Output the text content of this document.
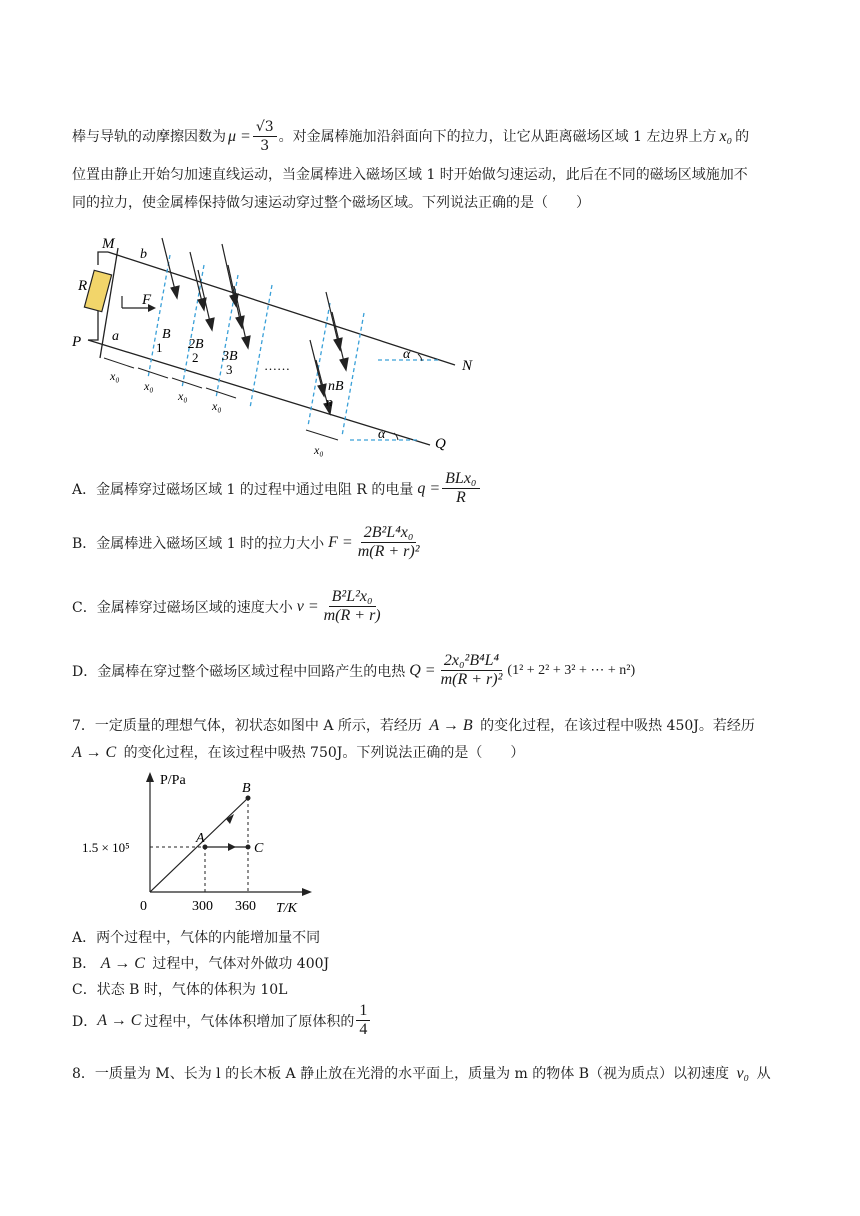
棒与导轨的动摩擦因数为 $\mu = \frac{√3}{3}$ 。对金属棒施加沿斜面向下的拉力，让它从距离磁场区域 1 左边界上方 x₀ 的
位置由静止开始匀加速直线运动，当金属棒进入磁场区域 1 时开始做匀速运动，此后在不同的磁场区域施加不
同的拉力，使金属棒保持做匀速运动穿过整个磁场区域。下列说法正确的是（　　）
M
b
R
F
P a
N
Q
α
α
B
1 2B
2 3B
3 ……
nB
n
x₀
x₀
x₀
x₀
x₀
A．金属棒穿过磁场区域 1 的过程中通过电阻 R 的电量 $q = \frac{\text{BLx₀}}{R}$
B．金属棒进入磁场区域 1 时的拉力大小 $F = \frac{\text{2B²L⁴x₀}}{\text{m(R + r)²}}$
C．金属棒穿过磁场区域的速度大小 $v = \frac{\text{B²L²x₀}}{m(R + r)}$
D．金属棒在穿过整个磁场区域过程中回路产生的电热 $Q = \frac{\text{2x₀²B⁴L⁴}}{\text{m(R + r)²}} (1^2 + 2^2 + 3^2$ + ⋯ + n²)
7．一定质量的理想气体，初状态如图中 A 所示，若经历 A → B 的变化过程，在该过程中吸热 450J。若经历
A → C 的变化过程，在该过程中吸热 750J。下列说法正确的是（　　）
P/Pa
T/K
0
1.5 × 10⁵
300 360
A
B
C
A．两个过程中，气体的内能增加量不同
B． A → C 过程中，气体对外做功 400J
C．状态 B 时，气体的体积为 10L
D． A → C 过程中，气体体积增加了原体积的 $\frac{1}{4}$
8．一质量为 M、长为 l 的长木板 A 静止放在光滑的水平面上，质量为 m 的物体 B（视为质点）以初速度 v₀ 从
